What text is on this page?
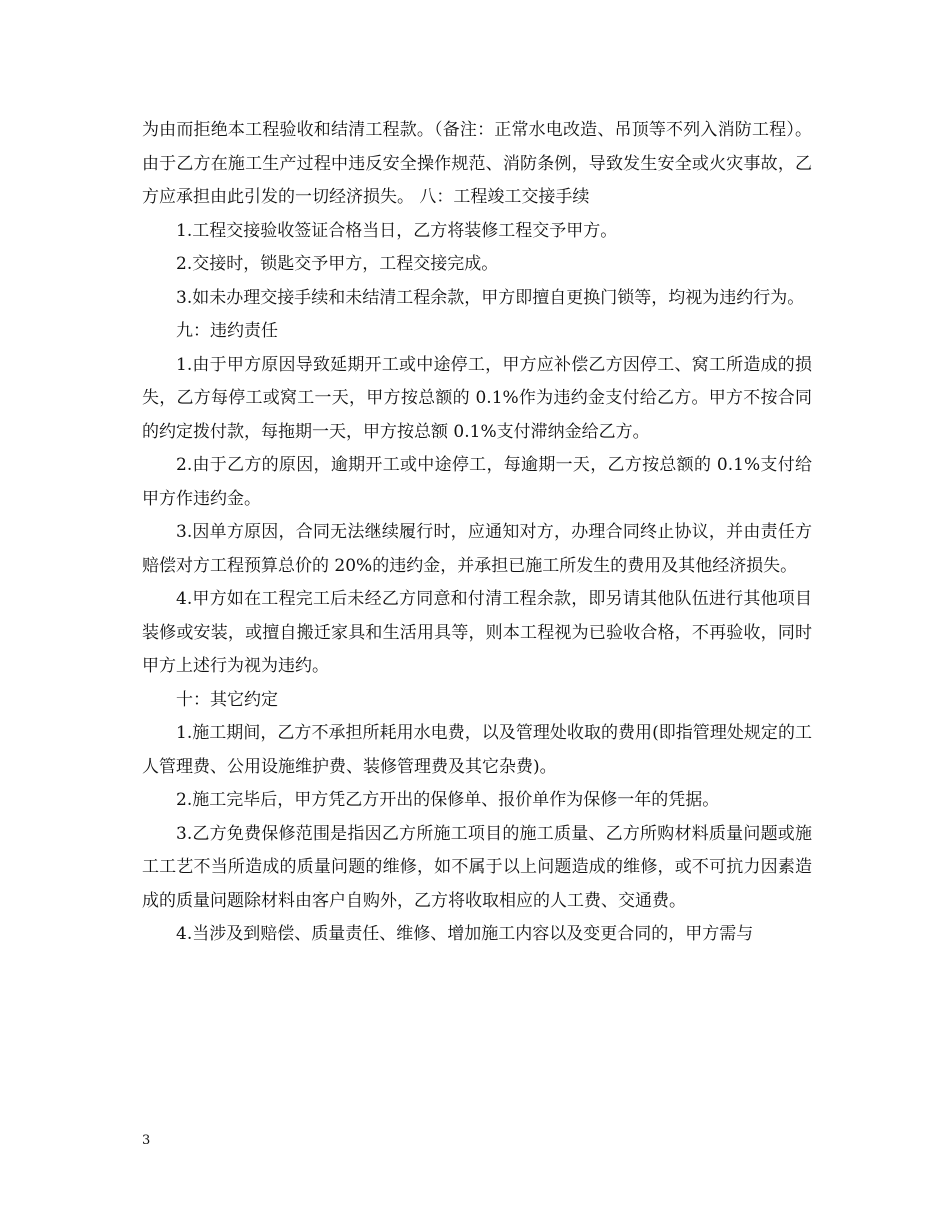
为由而拒绝本工程验收和结清工程款。（备注：正常水电改造、吊顶等不列入消防工程）。由于乙方在施工生产过程中违反安全操作规范、消防条例，导致发生安全或火灾事故，乙方应承担由此引发的一切经济损失。 八：工程竣工交接手续

1.工程交接验收签证合格当日，乙方将装修工程交予甲方。

2.交接时，锁匙交予甲方，工程交接完成。

3.如未办理交接手续和未结清工程余款，甲方即擅自更换门锁等，均视为违约行为。

九：违约责任

1.由于甲方原因导致延期开工或中途停工，甲方应补偿乙方因停工、窝工所造成的损失，乙方每停工或窝工一天，甲方按总额的 0.1%作为违约金支付给乙方。甲方不按合同的约定拨付款，每拖期一天，甲方按总额 0.1%支付滞纳金给乙方。

2.由于乙方的原因，逾期开工或中途停工，每逾期一天，乙方按总额的 0.1%支付给甲方作违约金。

3.因单方原因，合同无法继续履行时，应通知对方，办理合同终止协议，并由责任方赔偿对方工程预算总价的 20%的违约金，并承担已施工所发生的费用及其他经济损失。

4.甲方如在工程完工后未经乙方同意和付清工程余款，即另请其他队伍进行其他项目装修或安装，或擅自搬迁家具和生活用具等，则本工程视为已验收合格，不再验收，同时甲方上述行为视为违约。

十：其它约定

1.施工期间，乙方不承担所耗用水电费，以及管理处收取的费用(即指管理处规定的工人管理费、公用设施维护费、装修管理费及其它杂费)。

2.施工完毕后，甲方凭乙方开出的保修单、报价单作为保修一年的凭据。

3.乙方免费保修范围是指因乙方所施工项目的施工质量、乙方所购材料质量问题或施工工艺不当所造成的质量问题的维修，如不属于以上问题造成的维修，或不可抗力因素造成的质量问题除材料由客户自购外，乙方将收取相应的人工费、交通费。

4.当涉及到赔偿、质量责任、维修、增加施工内容以及变更合同的，甲方需与

3
